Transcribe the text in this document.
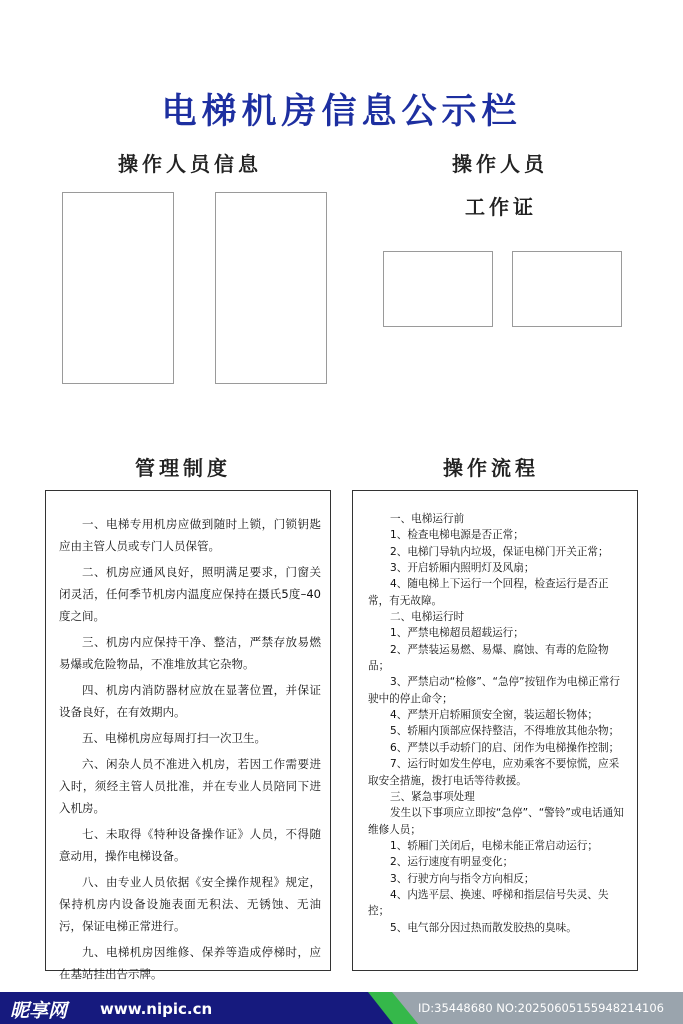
电梯机房信息公示栏
操作人员信息	操作人员
工作证
管理制度	操作流程

一、电梯专用机房应做到随时上锁，门锁钥匙应由主管人员或专门人员保管。

二、机房应通风良好，照明满足要求，门窗关闭灵活，任何季节机房内温度应保持在摄氏5度–40度之间。

三、机房内应保持干净、整洁，严禁存放易燃易爆或危险物品，不准堆放其它杂物。

四、机房内消防器材应放在显著位置，并保证设备良好，在有效期内。

五、电梯机房应每周打扫一次卫生。

六、闲杂人员不准进入机房，若因工作需要进入时，须经主管人员批准，并在专业人员陪同下进入机房。

七、未取得《特种设备操作证》人员，不得随意动用，操作电梯设备。

八、由专业人员依据《安全操作规程》规定，保持机房内设备设施表面无积法、无锈蚀、无油污，保证电梯正常进行。

九、电梯机房因维修、保养等造成停梯时，应在基站挂出告示牌。

一、电梯运行前

1、检查电梯电源是否正常；

2、电梯门导轨内垃圾，保证电梯门开关正常；

3、开启轿厢内照明灯及风扇；

4、随电梯上下运行一个回程，检查运行是否正常，有无故障。

二、电梯运行时

1、严禁电梯超员超载运行；

2、严禁装运易燃、易爆、腐蚀、有毒的危险物品；

3、严禁启动“检修”、“急停”按钮作为电梯正常行驶中的停止命令；

4、严禁开启轿厢顶安全窗，装运超长物体；

5、轿厢内顶部应保持整洁，不得堆放其他杂物；

6、严禁以手动轿门的启、闭作为电梯操作控制；

7、运行时如发生停电，应劝乘客不要惊慌，应采取安全措施，拨打电话等待救援。

三、紧急事项处理

发生以下事项应立即按“急停”、“警铃”或电话通知维修人员；

1、轿厢门关闭后，电梯未能正常启动运行；

2、运行速度有明显变化；

3、行驶方向与指令方向相反；

4、内选平层、换速、呼梯和指层信号失灵、失控；

5、电气部分因过热而散发胶热的臭味。

昵享网 www.nipic.cn	ID:35448680 NO:20250605155948214106
